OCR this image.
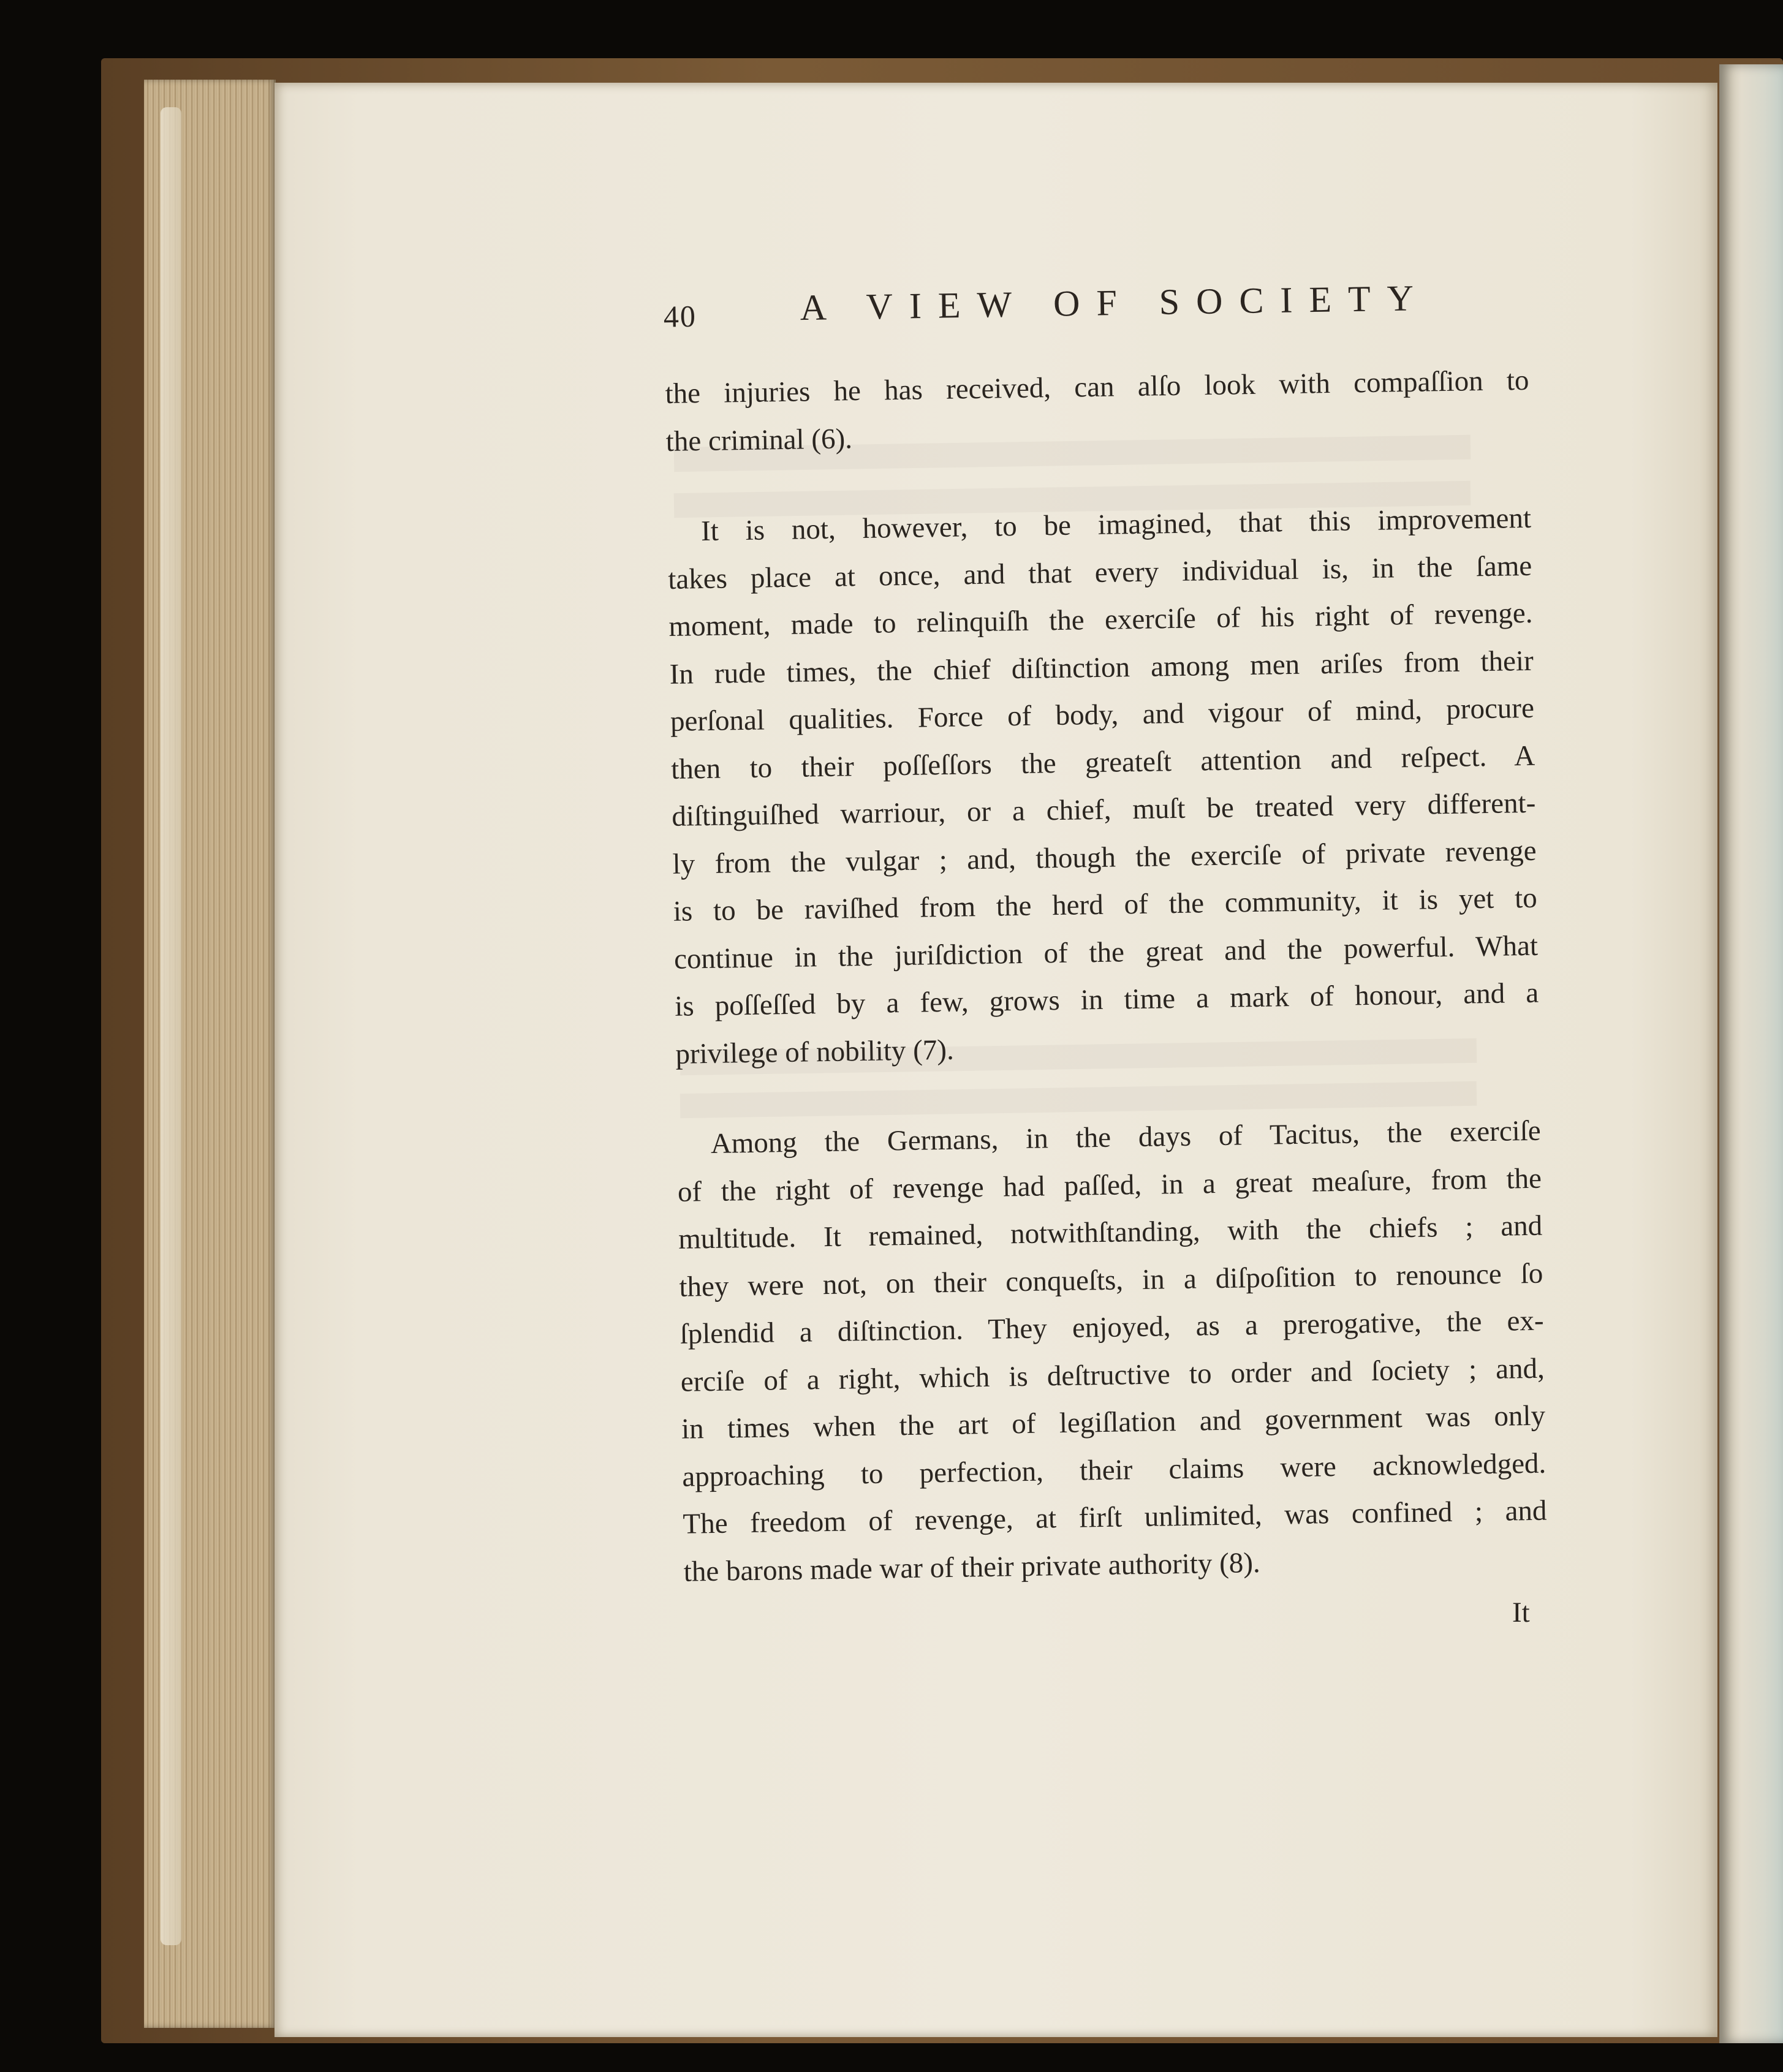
40	A VIEW OF SOCIETY
the injuries he has received, can alſo look with compaſſion to
the criminal (6).
It is not, however, to be imagined, that this improvement
takes place at once, and that every individual is, in the ſame
moment, made to relinquiſh the exerciſe of his right of revenge.
In rude times, the chief diſtinction among men ariſes from their
perſonal qualities. Force of body, and vigour of mind, procure
then to their poſſeſſors the greateſt attention and reſpect. A
diſtinguiſhed warriour, or a chief, muſt be treated very different-
ly from the vulgar ; and, though the exerciſe of private revenge
is to be raviſhed from the herd of the community, it is yet to
continue in the juriſdiction of the great and the powerful. What
is poſſeſſed by a few, grows in time a mark of honour, and a
privilege of nobility (7).
Among the Germans, in the days of Tacitus, the exerciſe
of the right of revenge had paſſed, in a great meaſure, from the
multitude. It remained, notwithſtanding, with the chiefs ; and
they were not, on their conqueſts, in a diſpoſition to renounce ſo
ſplendid a diſtinction. They enjoyed, as a prerogative, the ex-
erciſe of a right, which is deſtructive to order and ſociety ; and,
in times when the art of legiſlation and government was only
approaching to perfection, their claims were acknowledged.
The freedom of revenge, at firſt unlimited, was confined ; and
the barons made war of their private authority (8).
It
